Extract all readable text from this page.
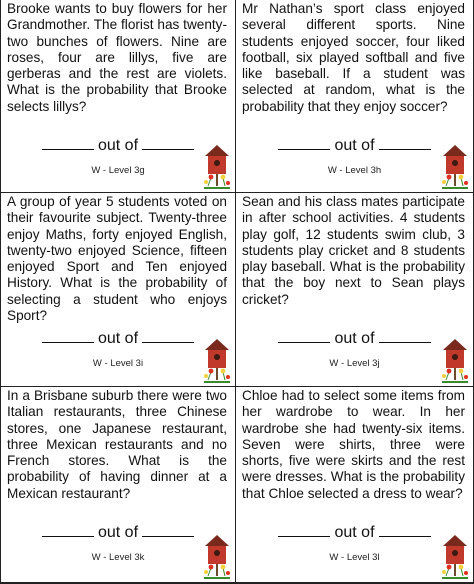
Brooke wants to buy flowers for her Grandmother. The florist has twenty-two bunches of flowers. Nine are roses, four are lillys, five are gerberas and the rest are violets. What is the probability that Brooke selects lillys?

out of
W - Level 3g

Mr Nathan’s sport class enjoyed several different sports. Nine students enjoyed soccer, four liked football, six played softball and five like baseball. If a student was selected at random, what is the probability that they enjoy soccer?

out of
W - Level 3h

A group of year 5 students voted on their favourite subject. Twenty-three enjoy Maths, forty enjoyed English, twenty-two enjoyed Science, fifteen enjoyed Sport and Ten enjoyed History. What is the probability of selecting a student who enjoys Sport?

out of
W - Level 3i

Sean and his class mates participate in after school activities. 4 students play golf, 12 students swim club, 3 students play cricket and 8 students play baseball. What is the probability that the boy next to Sean plays cricket?

out of
W - Level 3j

In a Brisbane suburb there were two Italian restaurants, three Chinese stores, one Japanese restaurant, three Mexican restaurants and no French stores. What is the probability of having dinner at a Mexican restaurant?

out of
W - Level 3k

Chloe had to select some items from her wardrobe to wear. In her wardrobe she had twenty-six items. Seven were shirts, three were shorts, five were skirts and the rest were dresses. What is the probability that Chloe selected a dress to wear?

out of
W - Level 3l
